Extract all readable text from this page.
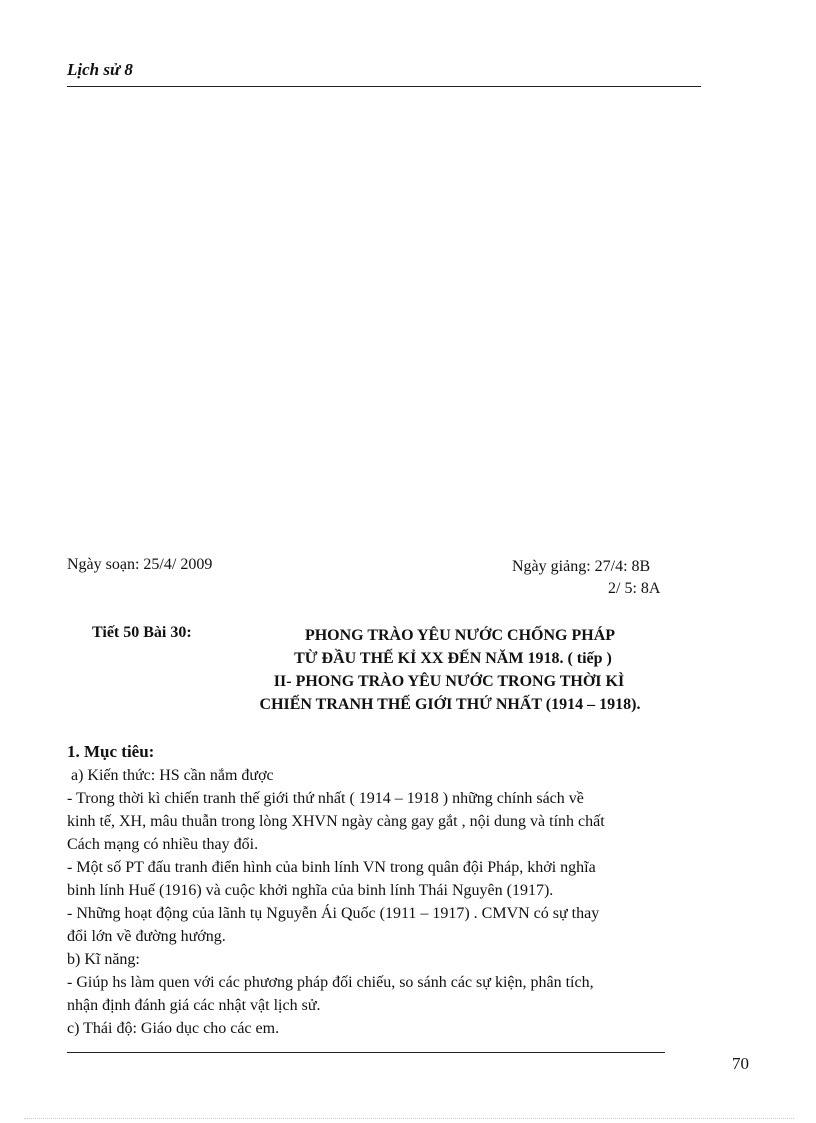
Lịch sử 8
Ngày soạn: 25/4/ 2009	Ngày giảng: 27/4: 8B
2/ 5: 8A
Tiết 50 Bài 30:	PHONG TRÀO YÊU NƯỚC CHỐNG PHÁP
TỪ ĐẦU THẾ KỈ XX ĐẾN NĂM 1918. ( tiếp )
II- PHONG TRÀO YÊU NƯỚC TRONG THỜI KÌ
CHIẾN TRANH THẾ GIỚI THỨ NHẤT (1914 – 1918).
1. Mục tiêu:
a) Kiến thức: HS cần nắm được
- Trong thời kì chiến tranh thế giới thứ nhất ( 1914 – 1918 ) những chính sách về
kinh tế, XH, mâu thuẫn trong lòng XHVN ngày càng gay gắt , nội dung và tính chất
Cách mạng có nhiều thay đổi.
- Một số PT đấu tranh điển hình của binh lính VN trong quân đội Pháp, khởi nghĩa
binh lính Huế (1916) và cuộc khởi nghĩa của binh lính Thái Nguyên (1917).
- Những hoạt động của lãnh tụ Nguyễn Ái Quốc (1911 – 1917) . CMVN có sự thay
đổi lớn về đường hướng.
b) Kĩ năng:
- Giúp hs làm quen với các phương pháp đối chiếu, so sánh các sự kiện, phân tích,
nhận định đánh giá các nhật vật lịch sử.
c) Thái độ: Giáo dục cho các em.
70
